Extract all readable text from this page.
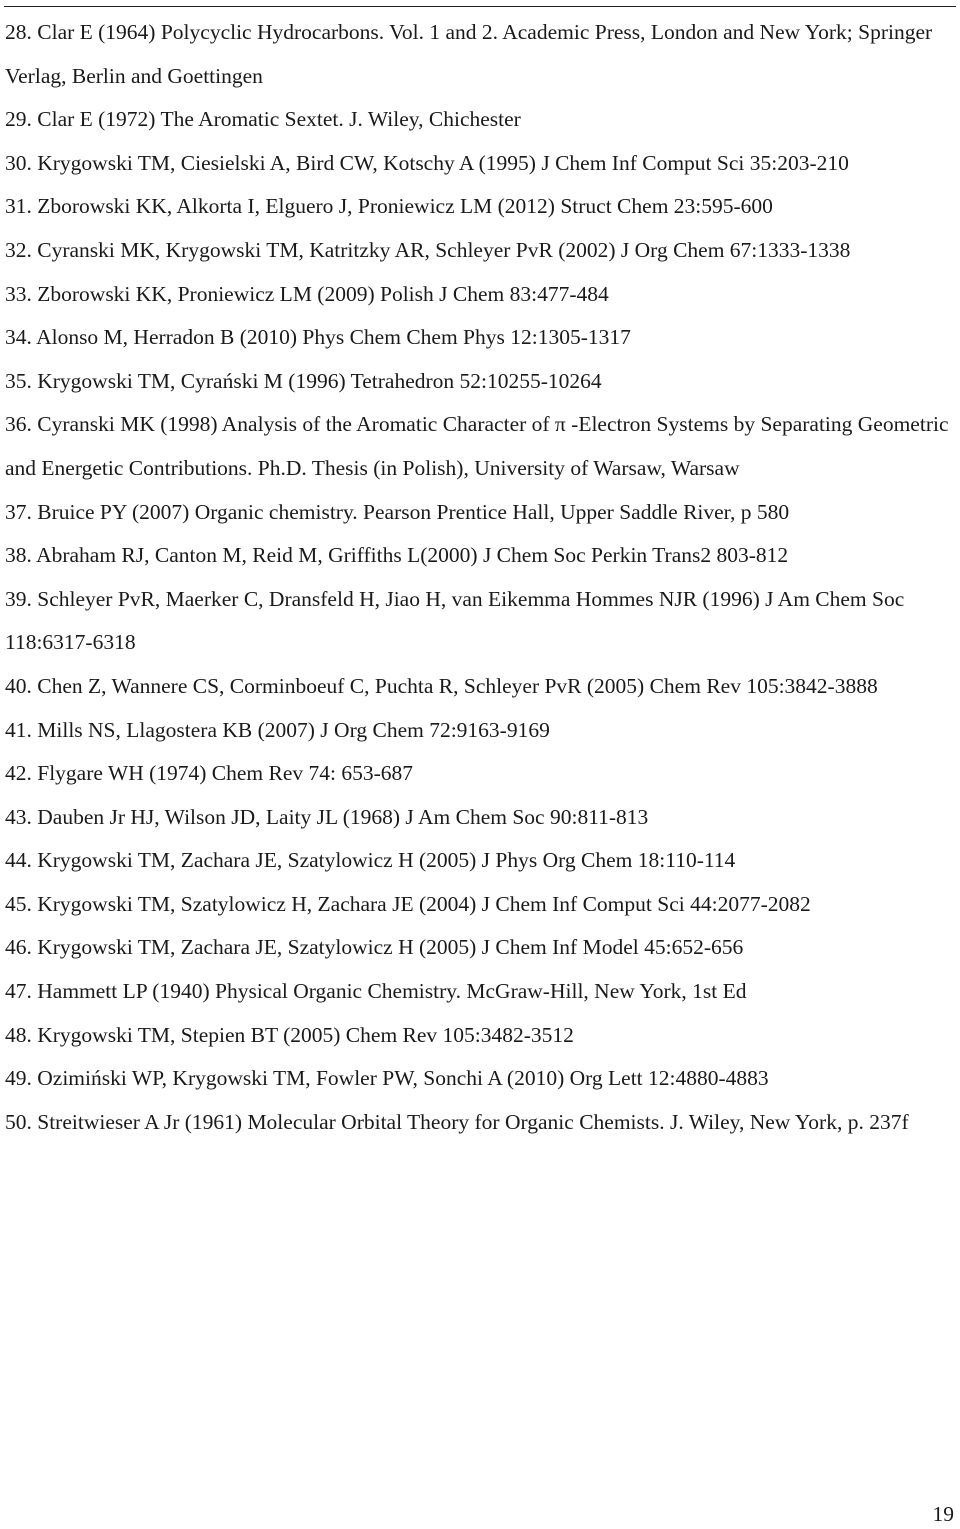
28. Clar E (1964) Polycyclic Hydrocarbons. Vol. 1 and 2. Academic Press, London and New York; Springer Verlag, Berlin and Goettingen
29. Clar E (1972) The Aromatic Sextet. J. Wiley, Chichester
30. Krygowski TM, Ciesielski A, Bird CW, Kotschy A (1995) J Chem Inf Comput Sci 35:203-210
31. Zborowski KK, Alkorta I, Elguero J, Proniewicz LM (2012) Struct Chem 23:595-600
32. Cyranski MK, Krygowski TM, Katritzky AR, Schleyer PvR (2002) J Org Chem 67:1333-1338
33. Zborowski KK, Proniewicz LM (2009) Polish J Chem 83:477-484
34. Alonso M, Herradon B (2010) Phys Chem Chem Phys 12:1305-1317
35. Krygowski TM, Cyrański M (1996) Tetrahedron 52:10255-10264
36. Cyranski MK (1998) Analysis of the Aromatic Character of π -Electron Systems by Separating Geometric and Energetic Contributions. Ph.D. Thesis (in Polish), University of Warsaw, Warsaw
37. Bruice PY (2007) Organic chemistry. Pearson Prentice Hall, Upper Saddle River, p 580
38. Abraham RJ, Canton M, Reid M, Griffiths L(2000) J Chem Soc Perkin Trans2 803-812
39. Schleyer PvR, Maerker C, Dransfeld H, Jiao H, van Eikemma Hommes NJR (1996) J Am Chem Soc 118:6317-6318
40. Chen Z, Wannere CS, Corminboeuf C, Puchta R, Schleyer PvR (2005) Chem Rev 105:3842-3888
41. Mills NS, Llagostera KB (2007) J Org Chem 72:9163-9169
42. Flygare WH (1974) Chem Rev 74: 653-687
43. Dauben Jr HJ, Wilson JD, Laity JL (1968) J Am Chem Soc 90:811-813
44. Krygowski TM, Zachara JE, Szatylowicz H (2005) J Phys Org Chem 18:110-114
45. Krygowski TM, Szatylowicz H, Zachara JE (2004) J Chem Inf Comput Sci 44:2077-2082
46. Krygowski TM, Zachara JE, Szatylowicz H (2005) J Chem Inf Model 45:652-656
47. Hammett LP (1940) Physical Organic Chemistry. McGraw-Hill, New York, 1st Ed
48. Krygowski TM, Stepien BT (2005) Chem Rev 105:3482-3512
49. Ozimiński WP, Krygowski TM, Fowler PW, Sonchi A (2010) Org Lett 12:4880-4883
50. Streitwieser A Jr (1961) Molecular Orbital Theory for Organic Chemists. J. Wiley, New York, p. 237f
19
